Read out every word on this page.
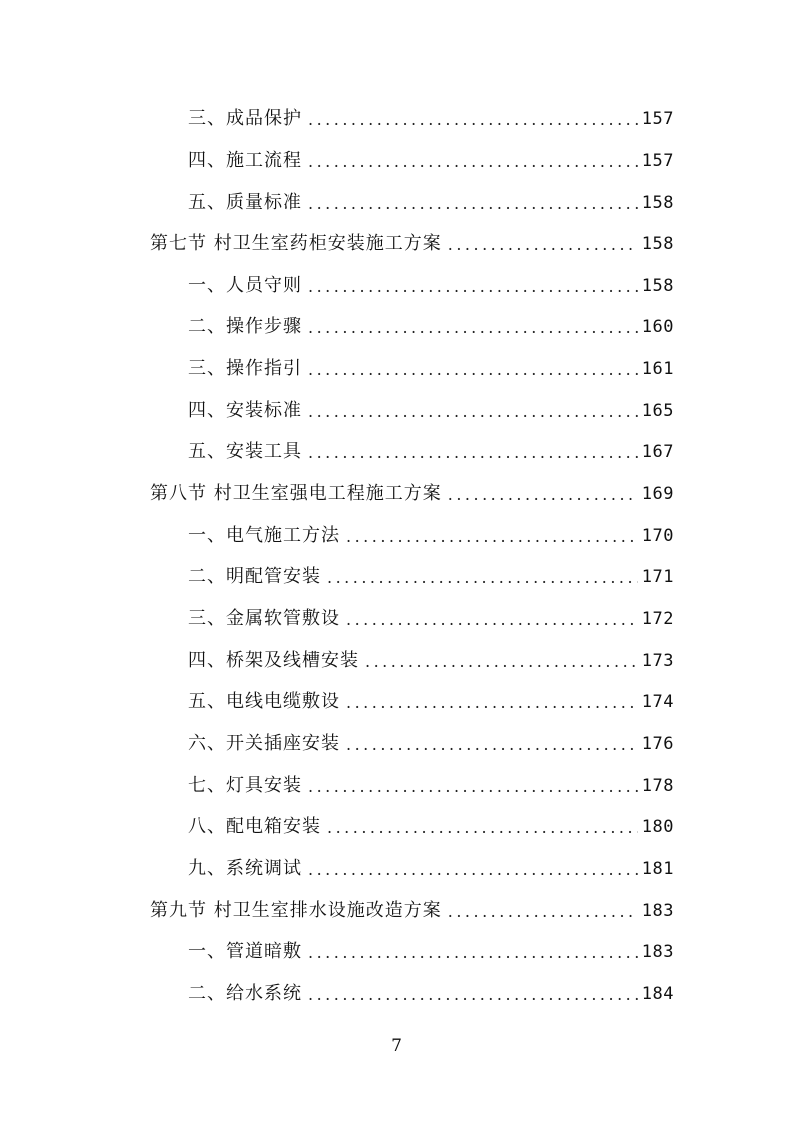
三、成品保护 .....	157
四、施工流程 .....	157
五、质量标准 .....	158
第七节 村卫生室药柜安装施工方案 .....	158
一、人员守则 .....	158
二、操作步骤 .....	160
三、操作指引 .....	161
四、安装标准 .....	165
五、安装工具 .....	167
第八节 村卫生室强电工程施工方案 .....	169
一、电气施工方法 .....	170
二、明配管安装 .....	171
三、金属软管敷设 .....	172
四、桥架及线槽安装 .....	173
五、电线电缆敷设 .....	174
六、开关插座安装 .....	176
七、灯具安装 .....	178
八、配电箱安装 .....	180
九、系统调试 .....	181
第九节 村卫生室排水设施改造方案 .....	183
一、管道暗敷 .....	183
二、给水系统 .....	184
7
